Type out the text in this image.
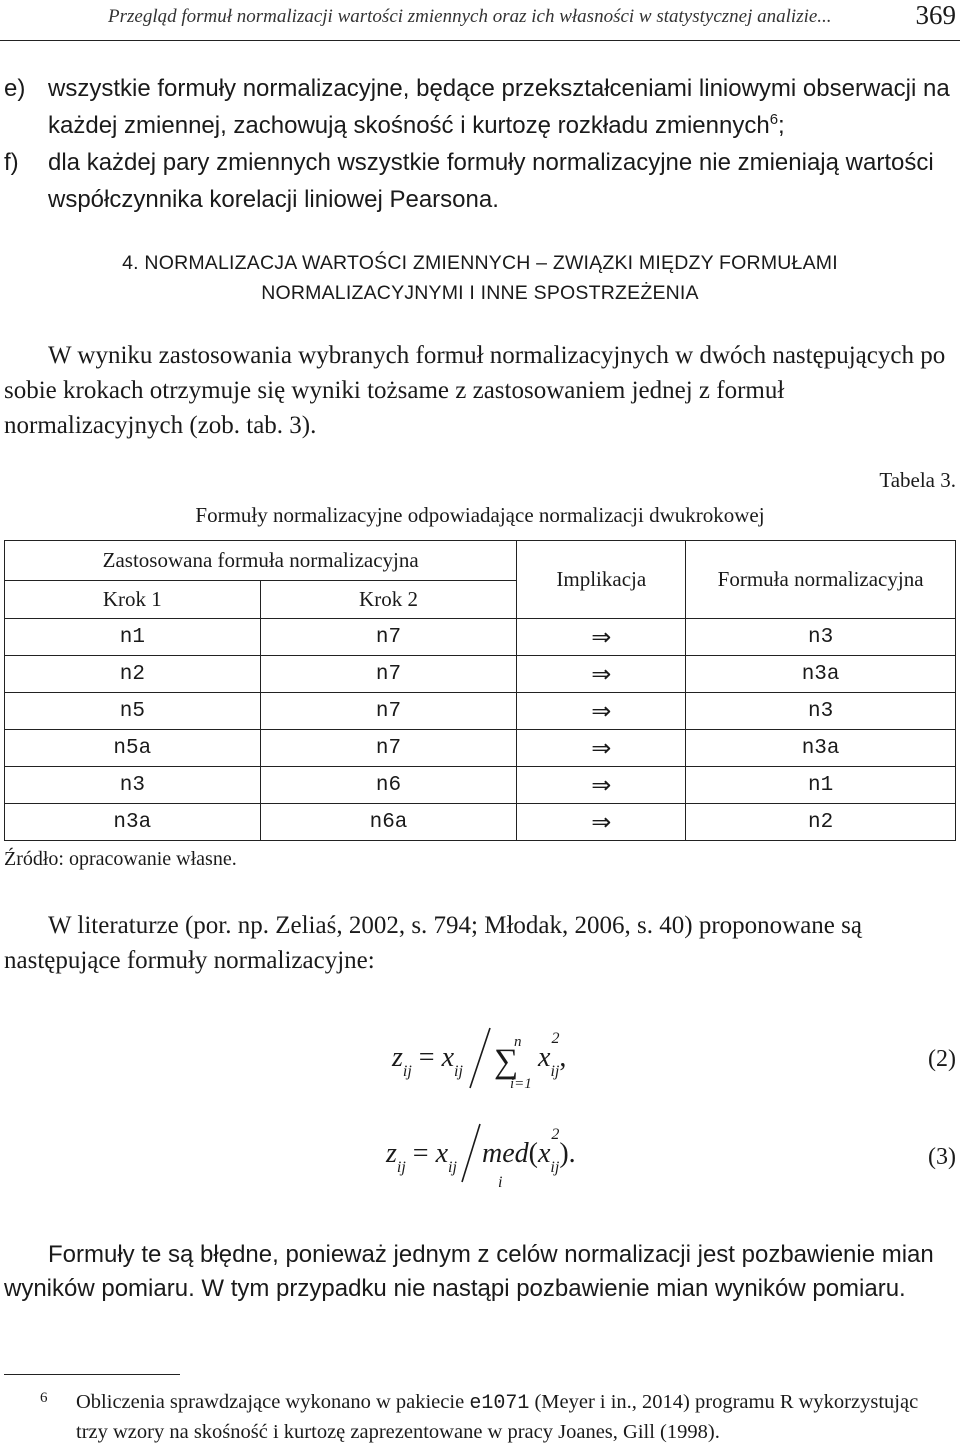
Przegląd formuł normalizacji wartości zmiennych oraz ich własności w statystycznej analizie...	369
e) wszystkie formuły normalizacyjne, będące przekształceniami liniowymi obserwacji na każdej zmiennej, zachowują skośność i kurtozę rozkładu zmiennych$^6$;
f) dla każdej pary zmiennych wszystkie formuły normalizacyjne nie zmieniają wartości współczynnika korelacji liniowej Pearsona.
4. NORMALIZACJA WARTOŚCI ZMIENNYCH – ZWIĄZKI MIĘDZY FORMUŁAMI
NORMALIZACYJNYMI I INNE SPOSTRZEŻENIA
W wyniku zastosowania wybranych formuł normalizacyjnych w dwóch następujących po sobie krokach otrzymuje się wyniki tożsame z zastosowaniem jednej z formuł normalizacyjnych (zob. tab. 3).
Tabela 3.
Formuły normalizacyjne odpowiadające normalizacji dwukrokowej
Zastosowana formuła normalizacyjna		Implikacja	Formuła normalizacyjna
Krok 1	Krok 2		
n1	n7	⇒	n3
n2	n7	⇒	n3a
n5	n7	⇒	n3
n5a	n7	⇒	n3a
n3	n6	⇒	n1
n3a	n6a	⇒	n2
Źródło: opracowanie własne.
W literaturze (por. np. Zeliaś, 2002, s. 794; Młodak, 2006, s. 40) proponowane są następujące formuły normalizacyjne:
$z_{ij} = x_{ij}$ ∑
n
i=1
x
2
$_{ij}$,	(2)
$z_{ij} = x_{ij}$ med(x
2
$_{ij}$).
i
(3)
Formuły te są błędne, ponieważ jednym z celów normalizacji jest pozbawienie mian wyników pomiaru. W tym przypadku nie nastąpi pozbawienie mian wyników pomiaru.
6	Obliczenia sprawdzające wykonano w pakiecie e1071 (Meyer i in., 2014) programu R wykorzystując trzy wzory na skośność i kurtozę zaprezentowane w pracy Joanes, Gill (1998).
